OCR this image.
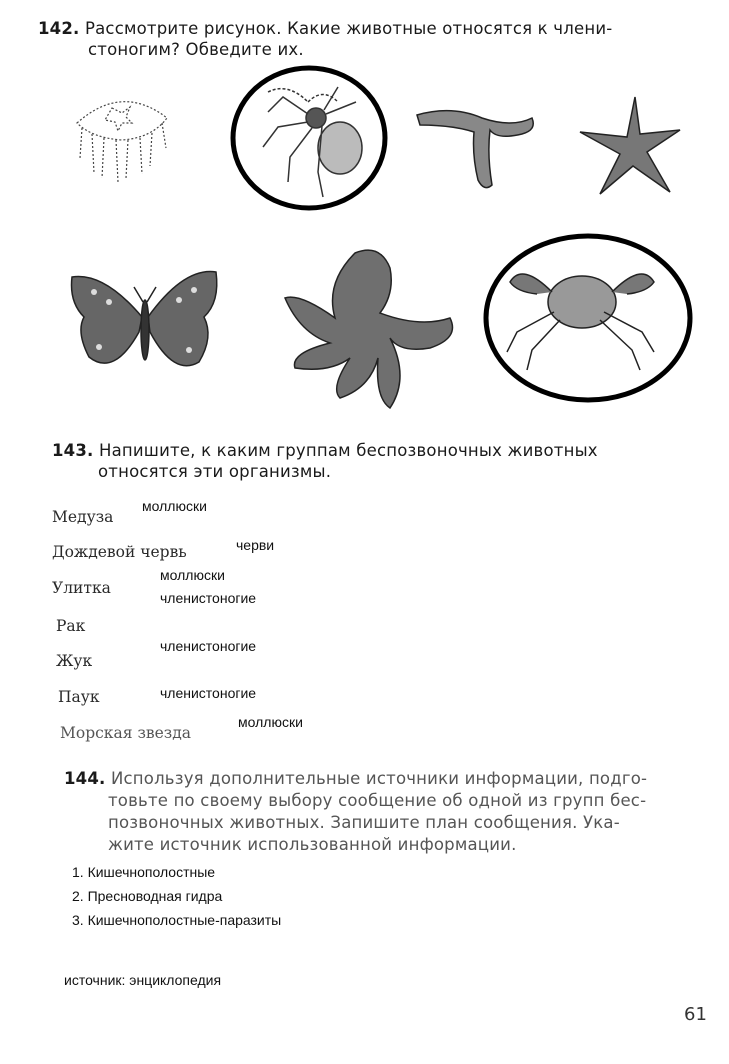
142. Рассмотрите рисунок. Какие животные относятся к члени-
стоногим? Обведите их.
143. Напишите, к каким группам беспозвоночных животных
относятся эти организмы.
Медуза
моллюски
Дождевой червь	черви
Улитка
моллюски
Рак
членистоногие
Жук
членистоногие
Паук	членистоногие
Морская звезда
моллюски
144. Используя дополнительные источники информации, подго-
товьте по своему выбору сообщение об одной из групп бес-
позвоночных животных. Запишите план сообщения. Ука-
жите источник использованной информации.
1. Кишечнополостные
2. Пресноводная гидра
3. Кишечнополостные-паразиты
источник: энциклопедия
61
